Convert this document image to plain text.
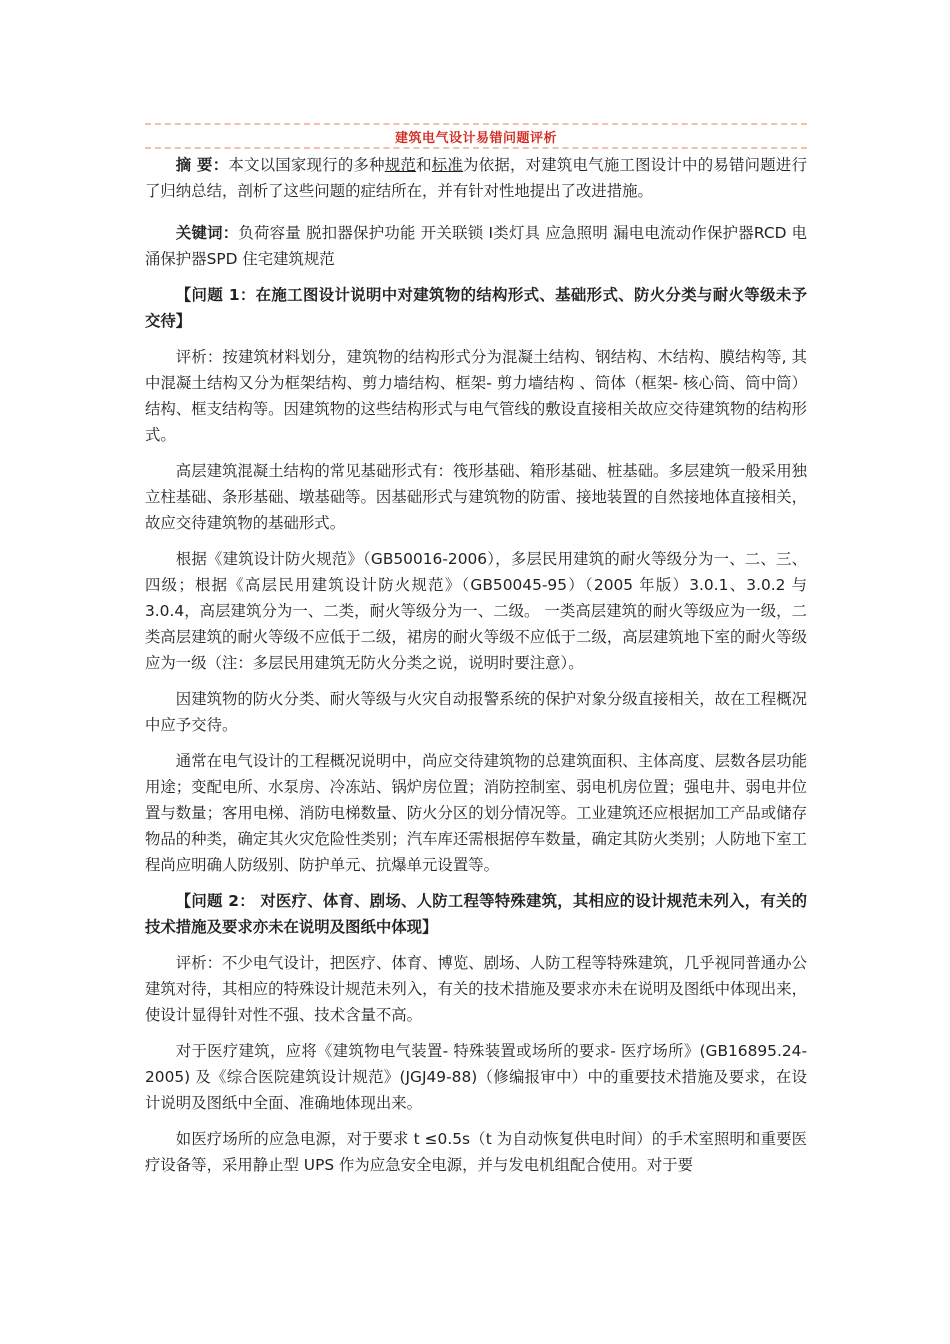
建筑电气设计易错问题评析

摘 要：本文以国家现行的多种规范和标准为依据，对建筑电气施工图设计中的易错问题进行了归纳总结，剖析了这些问题的症结所在，并有针对性地提出了改进措施。

关键词：负荷容量 脱扣器保护功能 开关联锁 Ⅰ类灯具 应急照明 漏电电流动作保护器RCD 电涌保护器SPD 住宅建筑规范

【问题 1：在施工图设计说明中对建筑物的结构形式、基础形式、防火分类与耐火等级未予交待】

评析：按建筑材料划分，建筑物的结构形式分为混凝土结构、钢结构、木结构、膜结构等, 其中混凝土结构又分为框架结构、剪力墙结构、框架- 剪力墙结构 、筒体（框架- 核心筒、筒中筒）结构、框支结构等。因建筑物的这些结构形式与电气管线的敷设直接相关故应交待建筑物的结构形式。

高层建筑混凝土结构的常见基础形式有：筏形基础、箱形基础、桩基础。多层建筑一般采用独立柱基础、条形基础、墩基础等。因基础形式与建筑物的防雷、接地装置的自然接地体直接相关，故应交待建筑物的基础形式。

根据《建筑设计防火规范》（GB50016-2006），多层民用建筑的耐火等级分为一、二、三、四级；根据《高层民用建筑设计防火规范》（GB50045-95）（2005 年版）3.0.1、3.0.2 与 3.0.4，高层建筑分为一、二类，耐火等级分为一、二级。 一类高层建筑的耐火等级应为一级，二类高层建筑的耐火等级不应低于二级，裙房的耐火等级不应低于二级，高层建筑地下室的耐火等级应为一级（注：多层民用建筑无防火分类之说，说明时要注意）。

因建筑物的防火分类、耐火等级与火灾自动报警系统的保护对象分级直接相关，故在工程概况中应予交待。

通常在电气设计的工程概况说明中，尚应交待建筑物的总建筑面积、主体高度、层数各层功能用途；变配电所、水泵房、冷冻站、锅炉房位置；消防控制室、弱电机房位置；强电井、弱电井位置与数量；客用电梯、消防电梯数量、防火分区的划分情况等。工业建筑还应根据加工产品或储存物品的种类，确定其火灾危险性类别；汽车库还需根据停车数量，确定其防火类别；人防地下室工程尚应明确人防级别、防护单元、抗爆单元设置等。

【问题 2： 对医疗、体育、剧场、人防工程等特殊建筑，其相应的设计规范未列入，有关的技术措施及要求亦未在说明及图纸中体现】

评析：不少电气设计，把医疗、体育、博览、剧场、人防工程等特殊建筑，几乎视同普通办公建筑对待，其相应的特殊设计规范未列入，有关的技术措施及要求亦未在说明及图纸中体现出来，使设计显得针对性不强、技术含量不高。

对于医疗建筑，应将《建筑物电气装置- 特殊装置或场所的要求- 医疗场所》(GB16895.24-2005) 及《综合医院建筑设计规范》(JGJ49-88)（修编报审中）中的重要技术措施及要求，在设计说明及图纸中全面、准确地体现出来。

如医疗场所的应急电源，对于要求 t ≤0.5s（t 为自动恢复供电时间）的手术室照明和重要医疗设备等，采用静止型 UPS 作为应急安全电源，并与发电机组配合使用。对于要
